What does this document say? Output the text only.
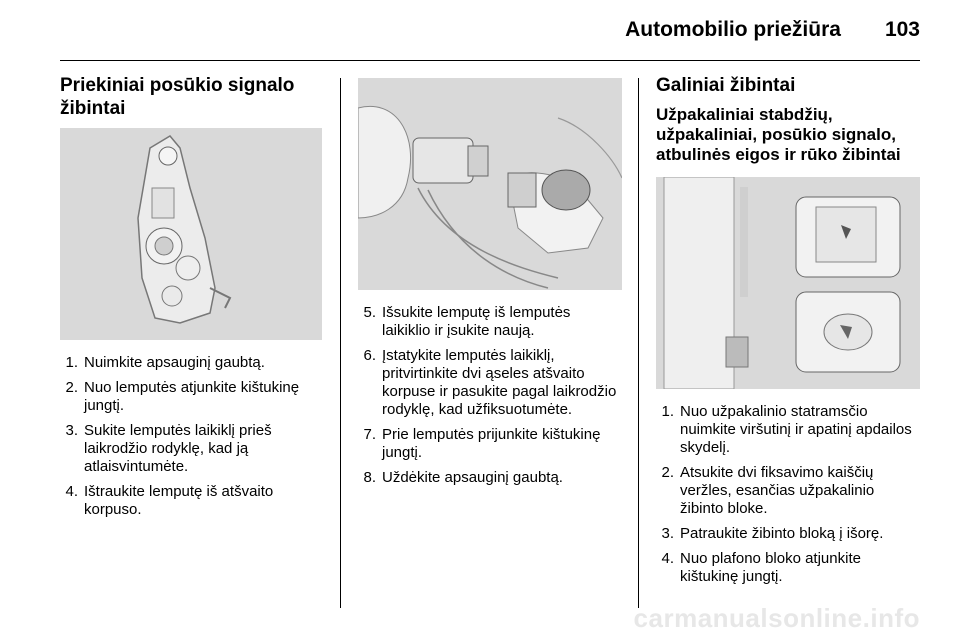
Automobilio priežiūra 103
Priekiniai posūkio signalo žibintai
1. Nuimkite apsauginį gaubtą.
2. Nuo lemputės atjunkite kištukinę jungtį.
3. Sukite lemputės laikiklį prieš laikrodžio rodyklę, kad ją atlaisvintumėte.
4. Ištraukite lemputę iš atšvaito korpuso.
5. Išsukite lemputę iš lemputės laikiklio ir įsukite naują.
6. Įstatykite lemputės laikiklį, pritvirtinkite dvi ąseles atšvaito korpuse ir pasukite pagal laikrodžio rodyklę, kad užfiksuotumėte.
7. Prie lemputės prijunkite kištukinę jungtį.
8. Uždėkite apsauginį gaubtą.
Galiniai žibintai
Užpakaliniai stabdžių, užpakaliniai, posūkio signalo, atbulinės eigos ir rūko žibintai
1. Nuo užpakalinio statramsčio nuimkite viršutinį ir apatinį apdailos skydelį.
2. Atsukite dvi fiksavimo kaiščių veržles, esančias užpakalinio žibinto bloke.
3. Patraukite žibinto bloką į išorę.
4. Nuo plafono bloko atjunkite kištukinę jungtį.
carmanualsonline.info
